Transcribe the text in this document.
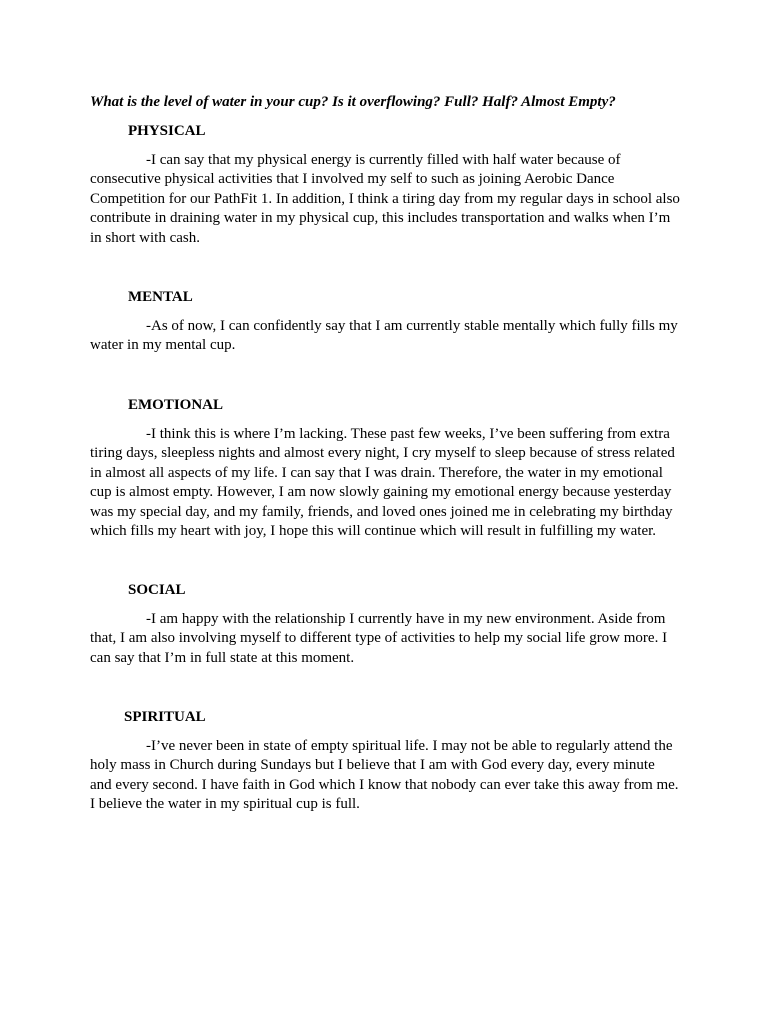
What is the level of water in your cup? Is it overflowing? Full? Half? Almost Empty?
PHYSICAL

-I can say that my physical energy is currently filled with half water because of consecutive physical activities that I involved my self to such as joining Aerobic Dance Competition for our PathFit 1. In addition, I think a tiring day from my regular days in school also contribute in draining water in my physical cup, this includes transportation and walks when I’m in short with cash.

MENTAL

-As of now, I can confidently say that I am currently stable mentally which fully fills my water in my mental cup.

EMOTIONAL

-I think this is where I’m lacking. These past few weeks, I’ve been suffering from extra tiring days, sleepless nights and almost every night, I cry myself to sleep because of stress related in almost all aspects of my life. I can say that I was drain. Therefore, the water in my emotional cup is almost empty. However, I am now slowly gaining my emotional energy because yesterday was my special day, and my family, friends, and loved ones joined me in celebrating my birthday which fills my heart with joy, I hope this will continue which will result in fulfilling my water.

SOCIAL

-I am happy with the relationship I currently have in my new environment. Aside from that, I am also involving myself to different type of activities to help my social life grow more. I can say that I’m in full state at this moment.

SPIRITUAL

-I’ve never been in state of empty spiritual life. I may not be able to regularly attend the holy mass in Church during Sundays but I believe that I am with God every day, every minute and every second. I have faith in God which I know that nobody can ever take this away from me. I believe the water in my spiritual cup is full.
